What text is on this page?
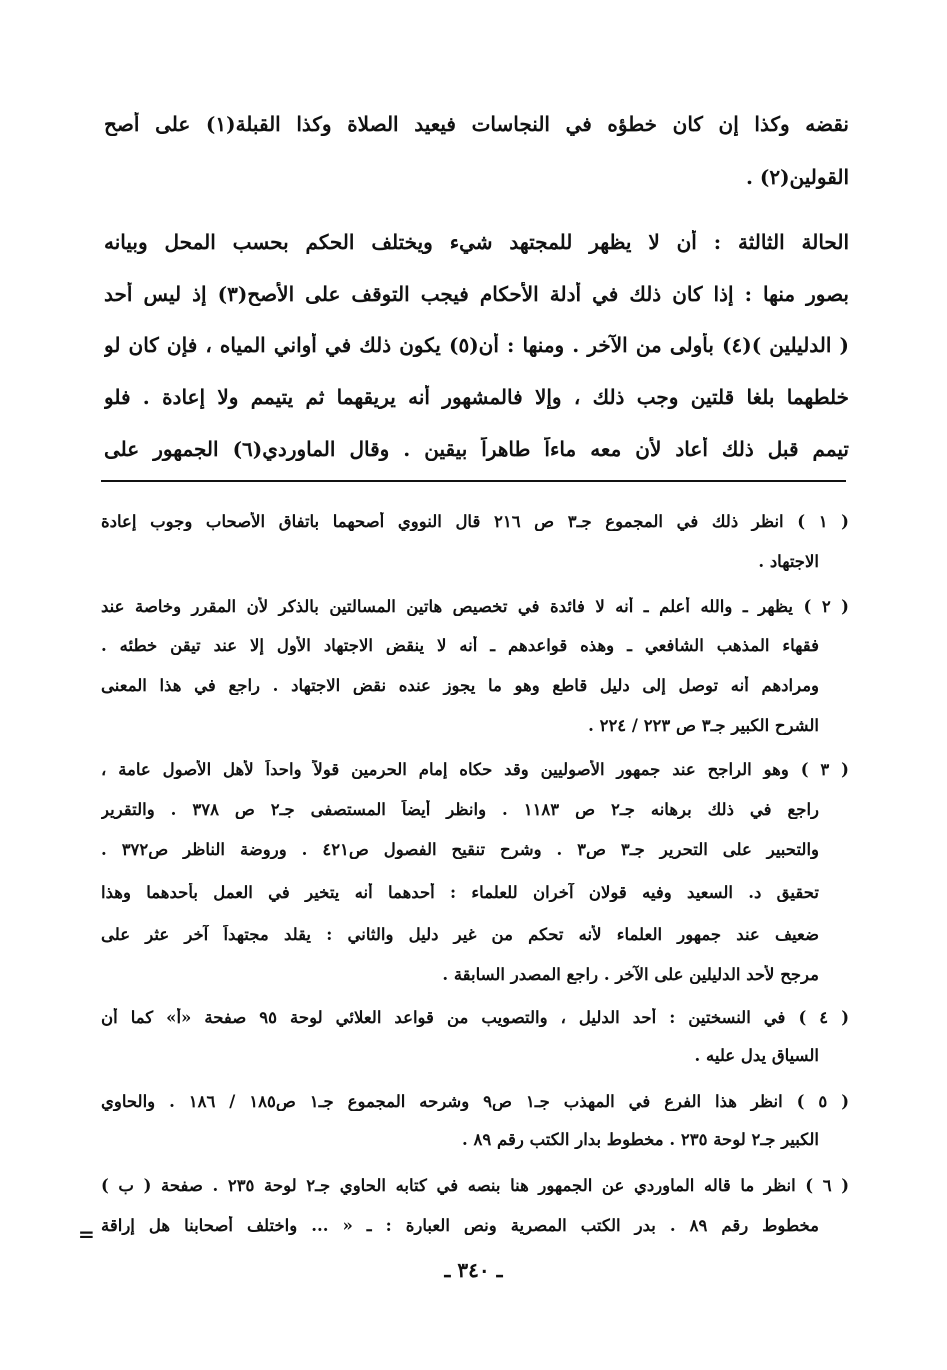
نقضه وكذا إن كان خطؤه في النجاسات فيعيد الصلاة وكذا القبلة(١) على أصح
القولين(٢) .
الحالة الثالثة : أن لا يظهر للمجتهد شيء ويختلف الحكم بحسب المحل وبيانه
بصور منها : إذا كان ذلك في أدلة الأحكام فيجب التوقف على الأصح(٣) إذ ليس أحد
( الدليلين )(٤) بأولى من الآخر . ومنها : أن(٥) يكون ذلك في أواني المياه ، فإن كان لو
خلطهما بلغا قلتين وجب ذلك ، وإلا فالمشهور أنه يريقهما ثم يتيمم ولا إعادة . فلو
تيمم قبل ذلك أعاد لأن معه ماءاً طاهراً بيقين . وقال الماوردي(٦) الجمهور على
( ١ ) انظر ذلك في المجموع جـ٣ ص ٢١٦ قال النووي أصحهما باتفاق الأصحاب وجوب إعادة
الاجتهاد .
( ٢ ) يظهر ـ والله أعلم ـ أنه لا فائدة في تخصيص هاتين المسالتين بالذكر لأن المقرر وخاصة عند
فقهاء المذهب الشافعي ـ وهذه قواعدهم ـ أنه لا ينقض الاجتهاد الأول إلا عند تيقن خطئه .
ومرادهم أنه توصل إلى دليل قاطع وهو ما يجوز عنده نقض الاجتهاد . راجع في هذا المعنى
الشرح الكبير جـ٣ ص ٢٢٣ / ٢٢٤ .
( ٣ ) وهو الراجح عند جمهور الأصوليين وقد حكاه إمام الحرمين قولاً واحداً لأهل الأصول عامة ،
راجع في ذلك برهانه جـ٢ ص ١١٨٣ . وانظر أيضاً المستصفى جـ٢ ص ٣٧٨ . والتقرير
والتحبير على التحرير جـ٣ ص٣ . وشرح تنقيح الفصول ص٤٢١ . وروضة الناظر ص٣٧٢ .
تحقيق د. السعيد وفيه قولان آخران للعلماء : أحدهما أنه يتخير في العمل بأحدهما وهذا
ضعيف عند جمهور العلماء لأنه تحكم من غير دليل والثاني : يقلد مجتهداً آخر عثر على
مرجح لأحد الدليلين على الآخر . راجع المصدر السابقة .
( ٤ ) في النسختين : أحد الدليل ، والتصويب من قواعد العلائي لوحة ٩٥ صفحة «أ» كما أن
السياق يدل عليه .
( ٥ ) انظر هذا الفرع في المهذب جـ١ ص٩ وشرحه المجموع جـ١ ص١٨٥ / ١٨٦ . والحاوي
الكبير جـ٢ لوحة ٢٣٥ . مخطوط بدار الكتب رقم ٨٩ .
( ٦ ) انظر ما قاله الماوردي عن الجمهور هنا بنصه في كتابه الحاوي جـ٢ لوحة ٢٣٥ . صفحة ( ب )
مخطوط رقم ٨٩ . بدر الكتب المصرية ونص العبارة : ـ « ... واختلف أصحابنا هل إراقة
=
ـ ٣٤٠ ـ
